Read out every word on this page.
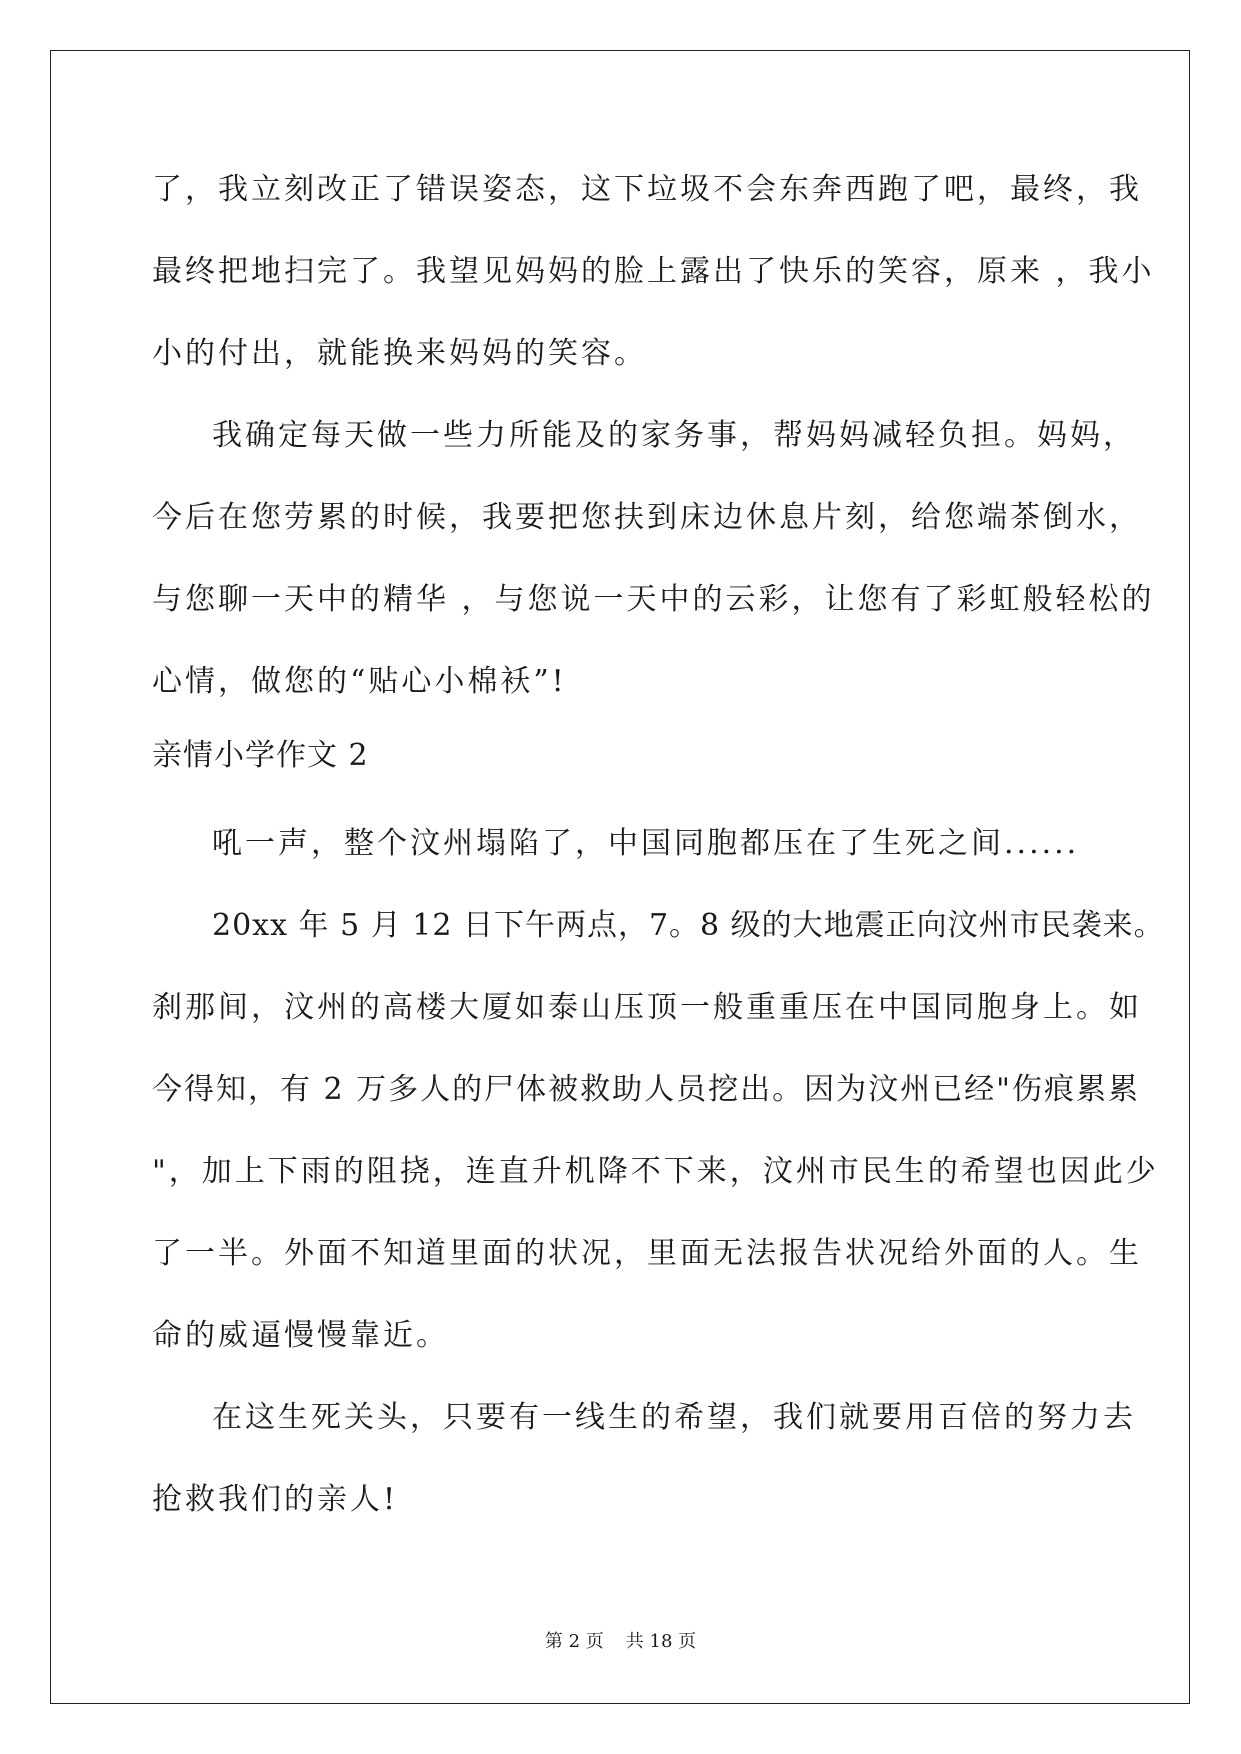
了，我立刻改正了错误姿态，这下垃圾不会东奔西跑了吧，最终，我
最终把地扫完了。我望见妈妈的脸上露出了快乐的笑容，原来 ，我小
小的付出，就能换来妈妈的笑容。
我确定每天做一些力所能及的家务事，帮妈妈减轻负担。妈妈，
今后在您劳累的时候，我要把您扶到床边休息片刻，给您端茶倒水，
与您聊一天中的精华 ，与您说一天中的云彩，让您有了彩虹般轻松的
心情，做您的“贴心小棉袄”!
亲情小学作文 2
吼一声，整个汶州塌陷了，中国同胞都压在了生死之间......
20xx 年 5 月 12 日下午两点，7。8 级的大地震正向汶州市民袭来。
刹那间，汶州的高楼大厦如泰山压顶一般重重压在中国同胞身上。如
今得知，有 2 万多人的尸体被救助人员挖出。因为汶州已经"伤痕累累
"，加上下雨的阻挠，连直升机降不下来，汶州市民生的希望也因此少
了一半。外面不知道里面的状况，里面无法报告状况给外面的人。生
命的威逼慢慢靠近。
在这生死关头，只要有一线生的希望，我们就要用百倍的努力去
抢救我们的亲人!
第 2 页 共 18 页
